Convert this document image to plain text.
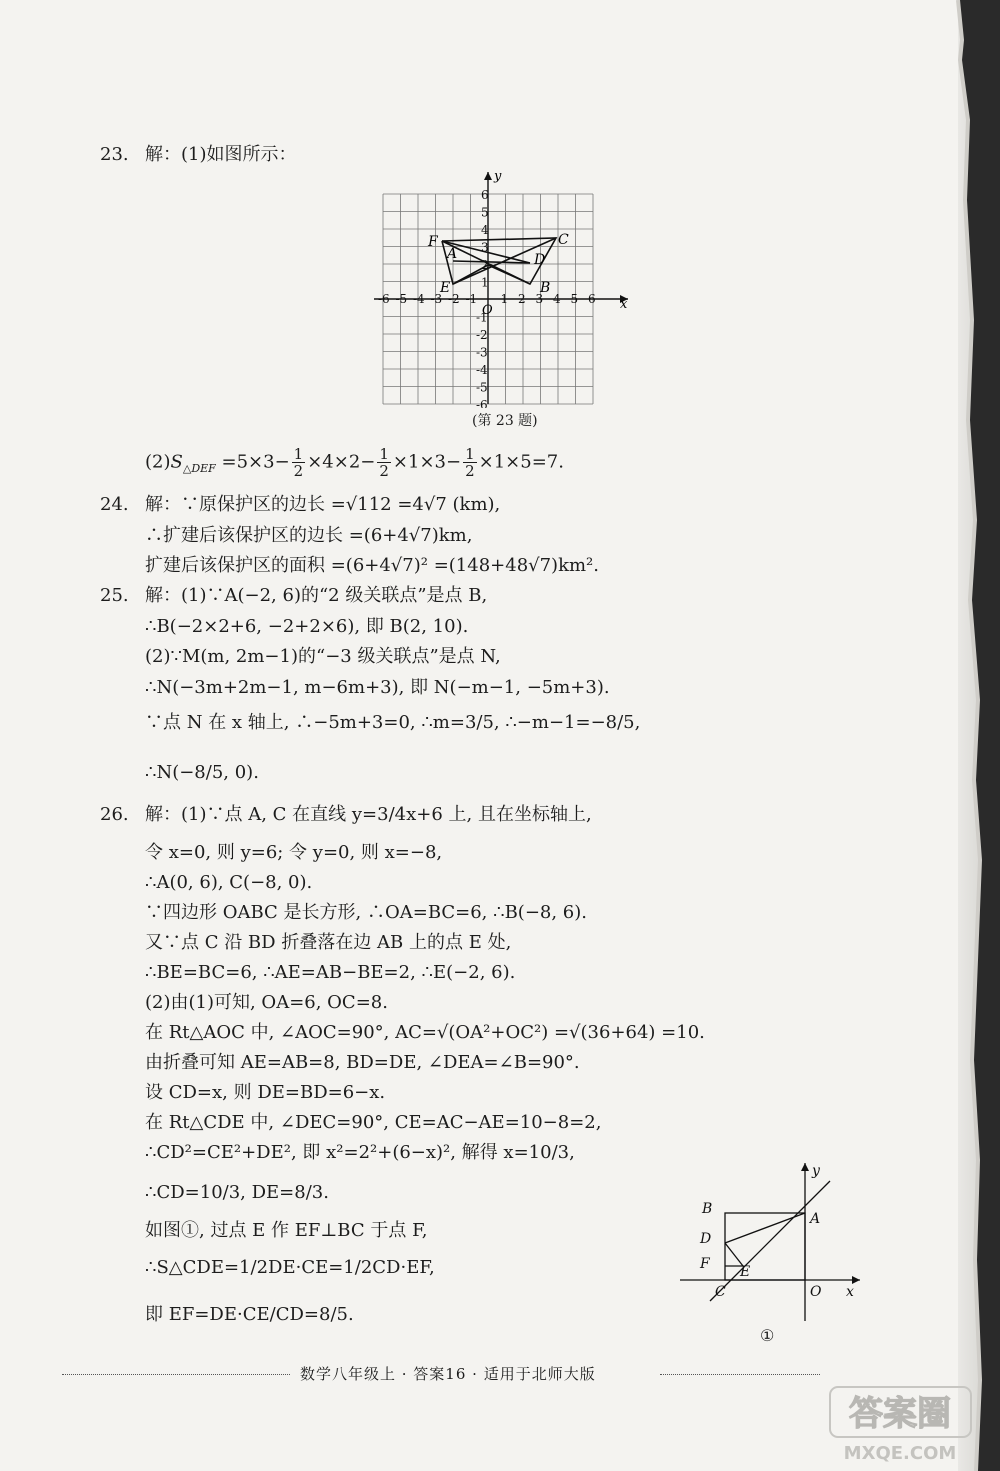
23. 解：(1)如图所示：
-6 -5 -4 -3 -2 -1 1 2 3 4 5 6
6
5
4
3
2
1
-1
-2
-3
-4
-5
-6
F
A
C
D
E	B
x
y
O
(第 23 题)
$(2)S_{\triangle DEF} =5\times 3- \frac{1}{2} \times 4\times 2- \frac{1}{2} \times 1\times 3- \frac{1}{2} \times 1\times 5=7$.
24. 解：∵原保护区的边长 =√112 =4√7 (km),
∴扩建后该保护区的边长 =(6+4√7)km,
扩建后该保护区的面积 =(6+4√7)² =(148+48√7)km².
25. 解：(1)∵A(−2, 6)的“2 级关联点”是点 B,
∴B(−2×2+6, −2+2×6), 即 B(2, 10).
(2)∵M(m, 2m−1)的“−3 级关联点”是点 N,
∴N(−3m+2m−1, m−6m+3), 即 N(−m−1, −5m+3).
∵点 N 在 x 轴上, ∴−5m+3=0, ∴m=3/5, ∴−m−1=−8/5,
∴N(−8/5, 0).
26. 解：(1)∵点 A, C 在直线 y=3/4x+6 上, 且在坐标轴上,
令 x=0, 则 y=6; 令 y=0, 则 x=−8,
∴A(0, 6), C(−8, 0).
∵四边形 OABC 是长方形, ∴OA=BC=6, ∴B(−8, 6).
又∵点 C 沿 BD 折叠落在边 AB 上的点 E 处,
∴BE=BC=6, ∴AE=AB−BE=2, ∴E(−2, 6).
(2)由(1)可知, OA=6, OC=8.
在 Rt△AOC 中, ∠AOC=90°, AC=√(OA²+OC²) =√(36+64) =10.
由折叠可知 AE=AB=8, BD=DE, ∠DEA=∠B=90°.
设 CD=x, 则 DE=BD=6−x.
在 Rt△CDE 中, ∠DEC=90°, CE=AC−AE=10−8=2,
∴CD²=CE²+DE², 即 x²=2²+(6−x)², 解得 x=10/3,
∴CD=10/3, DE=8/3.
如图①, 过点 E 作 EF⊥BC 于点 F,
∴S△CDE=1/2DE·CE=1/2CD·EF,
即 EF=DE·CE/CD=8/5.
B
A
D
F E
C	O x
y
①
数学八年级上 · 答案16 · 适用于北师大版
答案圈
MXQE.COM
